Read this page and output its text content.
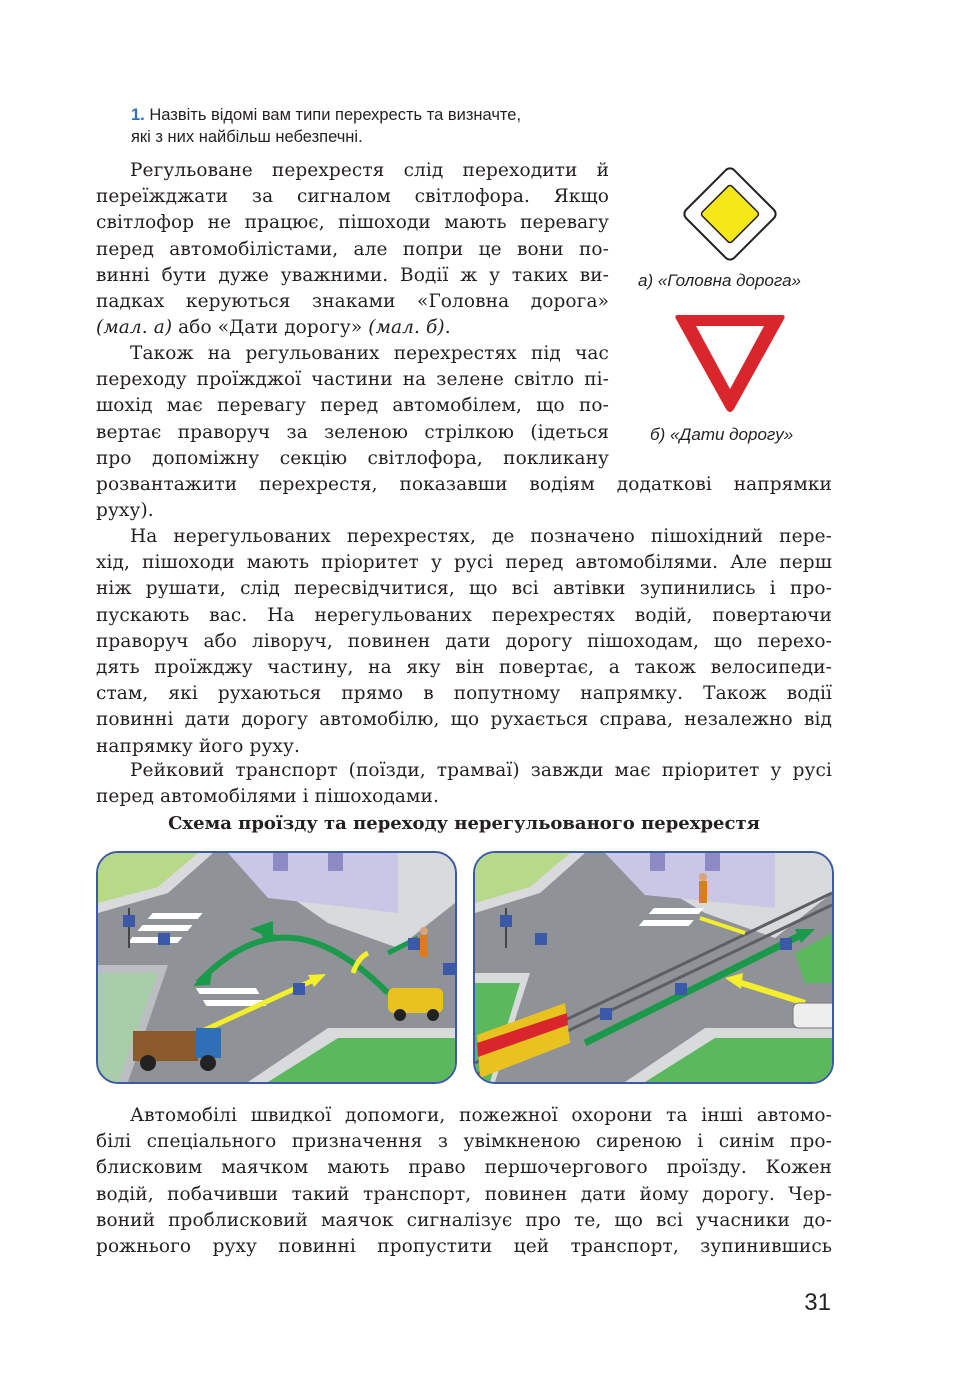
1. Назвіть відомі вам типи перехресть та визначте,
які з них найбільш небезпечні.
Регульоване перехрестя слід переходити й
переїжджати за сигналом світлофора. Якщо
світлофор не працює, пішоходи мають перевагу
перед автомобілістами, але попри це вони по-
винні бути дуже уважними. Водії ж у таких ви-
падках керуються знаками «Головна дорога»
(мал. а) або «Дати дорогу» (мал. б).
Також на регульованих перехрестях під час
переходу проїжджої частини на зелене світло пі-
шохід має перевагу перед автомобілем, що по-
вертає праворуч за зеленою стрілкою (ідеться
про допоміжну секцію світлофора, покликану
розвантажити перехрестя, показавши водіям додаткові напрямки
руху).
а) «Головна дорога»
б) «Дати дорогу»
На нерегульованих перехрестях, де позначено пішохідний пере-
хід, пішоходи мають пріоритет у русі перед автомобілями. Але перш
ніж рушати, слід пересвідчитися, що всі автівки зупинились і про-
пускають вас. На нерегульованих перехрестях водій, повертаючи
праворуч або ліворуч, повинен дати дорогу пішоходам, що перехо-
дять проїжджу частину, на яку він повертає, а також велосипеди-
стам, які рухаються прямо в попутному напрямку. Також водії
повинні дати дорогу автомобілю, що рухається справа, незалежно від
напрямку його руху.
Рейковий транспорт (поїзди, трамваї) завжди має пріоритет у русі
перед автомобілями і пішоходами.
Схема проїзду та переходу нерегульованого перехрестя
Автомобілі швидкої допомоги, пожежної охорони та інші автомо-
білі спеціального призначення з увімкненою сиреною і синім про-
блисковим маячком мають право першочергового проїзду. Кожен
водій, побачивши такий транспорт, повинен дати йому дорогу. Чер-
воний проблисковий маячок сигналізує про те, що всі учасники до-
рожнього руху повинні пропустити цей транспорт, зупинившись
31
